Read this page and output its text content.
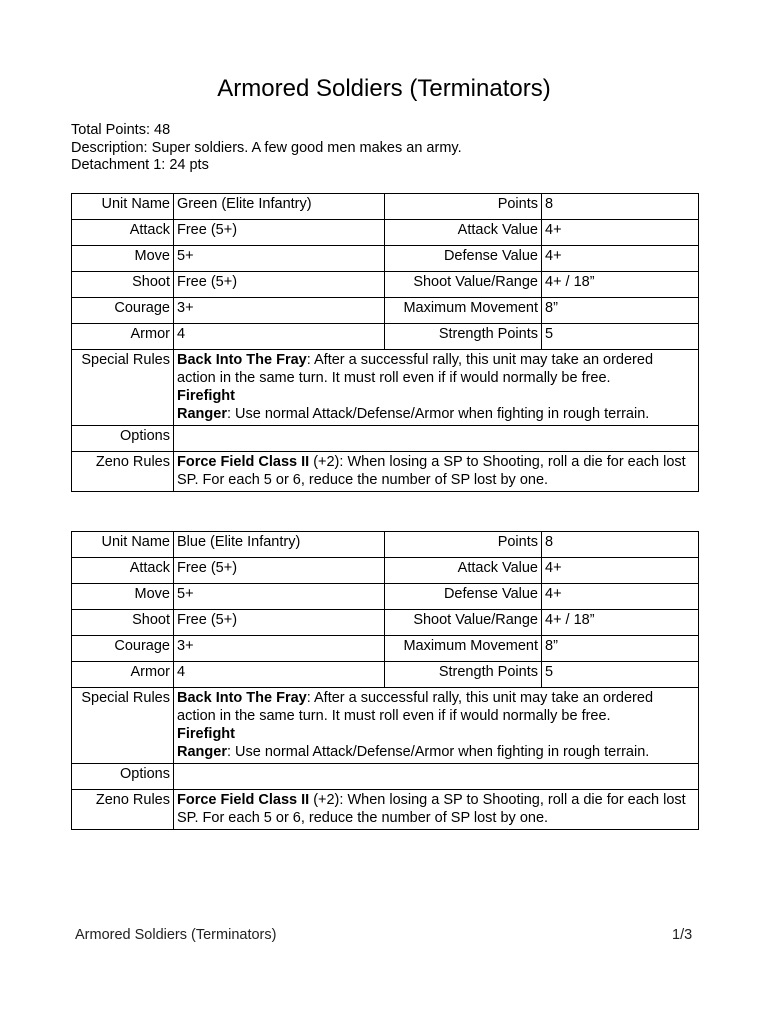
Armored Soldiers (Terminators)
Total Points: 48
Description: Super soldiers. A few good men makes an army.
Detachment 1: 24 pts
Unit Name	Green (Elite Infantry)	Points	8
Attack	Free (5+)	Attack Value	4+
Move	5+	Defense Value	4+
Shoot	Free (5+)	Shoot Value/Range	4+ / 18”
Courage	3+	Maximum Movement	8”
Armor	4	Strength Points	5
Special Rules	Back Into The Fray: After a successful rally, this unit may take an ordered action in the same turn. It must roll even if if would normally be free.
Firefight
Ranger: Use normal Attack/Defense/Armor when fighting in rough terrain.		

Options			
Zeno Rules	Force Field Class II (+2): When losing a SP to Shooting, roll a die for each lost SP. For each 5 or 6, reduce the number of SP lost by one.		
Unit Name	Blue (Elite Infantry)	Points	8
Attack	Free (5+)	Attack Value	4+
Move	5+	Defense Value	4+
Shoot	Free (5+)	Shoot Value/Range	4+ / 18”
Courage	3+	Maximum Movement	8”
Armor	4	Strength Points	5
Special Rules	Back Into The Fray: After a successful rally, this unit may take an ordered action in the same turn. It must roll even if if would normally be free.
Firefight
Ranger: Use normal Attack/Defense/Armor when fighting in rough terrain.		

Options			
Zeno Rules	Force Field Class II (+2): When losing a SP to Shooting, roll a die for each lost SP. For each 5 or 6, reduce the number of SP lost by one.		
Armored Soldiers (Terminators)	1/3
